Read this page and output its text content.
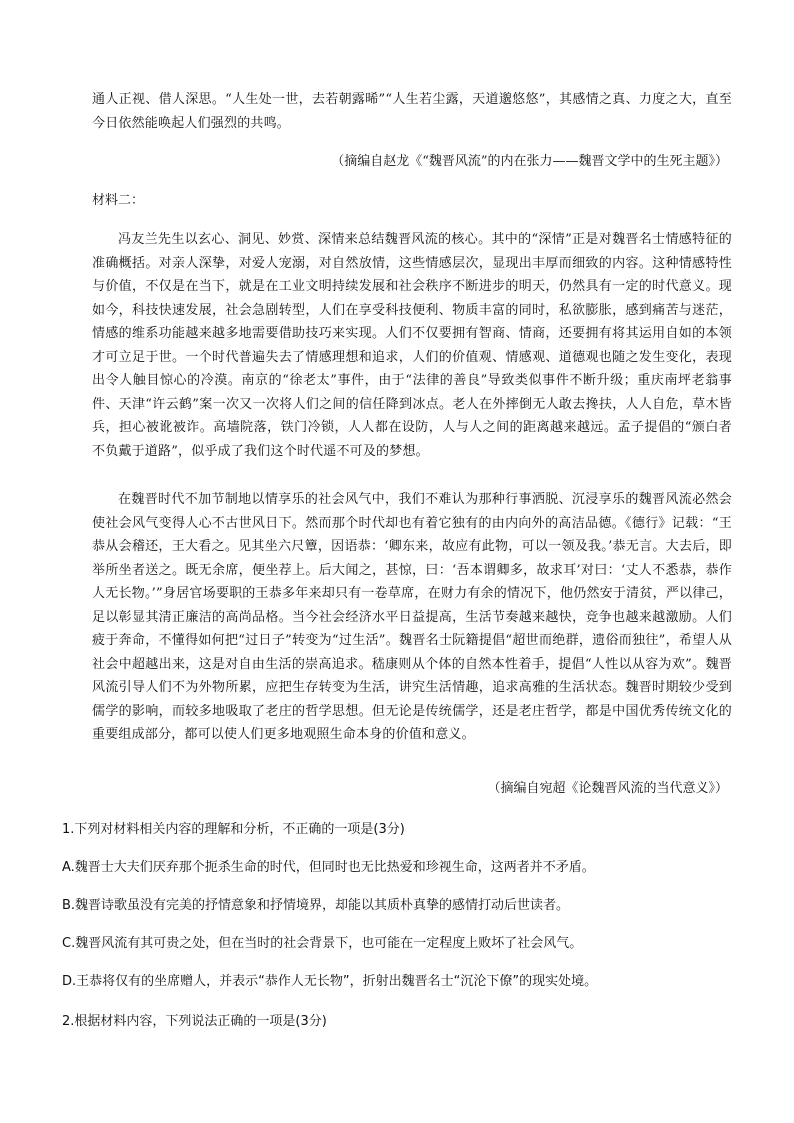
通人正视、借人深思。“人生处一世，去若朝露晞”“人生若尘露，天道邈悠悠”，其感情之真、力度之大，直至今日依然能唤起人们强烈的共鸣。

（摘编自赵龙《“魏晋风流”的内在张力——魏晋文学中的生死主题》）

材料二：

冯友兰先生以玄心、洞见、妙赏、深情来总结魏晋风流的核心。其中的“深情”正是对魏晋名士情感特征的准确概括。对亲人深挚，对爱人宠溺，对自然放情，这些情感层次，显现出丰厚而细致的内容。这种情感特性与价值，不仅是在当下，就是在工业文明持续发展和社会秩序不断进步的明天，仍然具有一定的时代意义。现如今，科技快速发展，社会急剧转型，人们在享受科技便利、物质丰富的同时，私欲膨胀，感到痛苦与迷茫，情感的维系功能越来越多地需要借助技巧来实现。人们不仅要拥有智商、情商，还要拥有将其运用自如的本领才可立足于世。一个时代普遍失去了情感理想和追求，人们的价值观、情感观、道德观也随之发生变化，表现出令人触目惊心的冷漠。南京的“徐老太”事件，由于“法律的善良”导致类似事件不断升级；重庆南坪老翁事件、天津“许云鹤”案一次又一次将人们之间的信任降到冰点。老人在外摔倒无人敢去搀扶，人人自危，草木皆兵，担心被讹被诈。高墙院落，铁门冷锁，人人都在设防，人与人之间的距离越来越远。孟子提倡的“颁白者不负戴于道路”，似乎成了我们这个时代遥不可及的梦想。

在魏晋时代不加节制地以情享乐的社会风气中，我们不难认为那种行事洒脱、沉浸享乐的魏晋风流必然会使社会风气变得人心不古世风日下。然而那个时代却也有着它独有的由内向外的高洁品德。《德行》记载：“王恭从会稽还，王大看之。见其坐六尺簟，因语恭：‘卿东来，故应有此物，可以一领及我。’恭无言。大去后，即举所坐者送之。既无余席，便坐荐上。后大闻之，甚惊，曰：‘吾本谓卿多，故求耳’对曰：‘丈人不悉恭，恭作人无长物。’”身居官场要职的王恭多年来却只有一卷草席，在财力有余的情况下，他仍然安于清贫，严以律己，足以彰显其清正廉洁的高尚品格。当今社会经济水平日益提高，生活节奏越来越快，竞争也越来越激励。人们疲于奔命，不懂得如何把“过日子”转变为“过生活”。魏晋名士阮籍提倡“超世而绝群，遗俗而独往”，希望人从社会中超越出来，这是对自由生活的崇高追求。嵇康则从个体的自然本性着手，提倡“人性以从容为欢”。魏晋风流引导人们不为外物所累，应把生存转变为生活，讲究生活情趣，追求高雅的生活状态。魏晋时期较少受到儒学的影响，而较多地吸取了老庄的哲学思想。但无论是传统儒学，还是老庄哲学，都是中国优秀传统文化的重要组成部分，都可以使人们更多地观照生命本身的价值和意义。

（摘编自宛超《论魏晋风流的当代意义》）

1.下列对材料相关内容的理解和分析，不正确的一项是(3分)

A.魏晋士大夫们厌弃那个扼杀生命的时代，但同时也无比热爱和珍视生命，这两者并不矛盾。

B.魏晋诗歌虽没有完美的抒情意象和抒情境界，却能以其质朴真挚的感情打动后世读者。

C.魏晋风流有其可贵之处，但在当时的社会背景下，也可能在一定程度上败坏了社会风气。

D.王恭将仅有的坐席赠人，并表示“恭作人无长物”，折射出魏晋名士“沉沦下僚”的现实处境。

2.根据材料内容，下列说法正确的一项是(3分)
